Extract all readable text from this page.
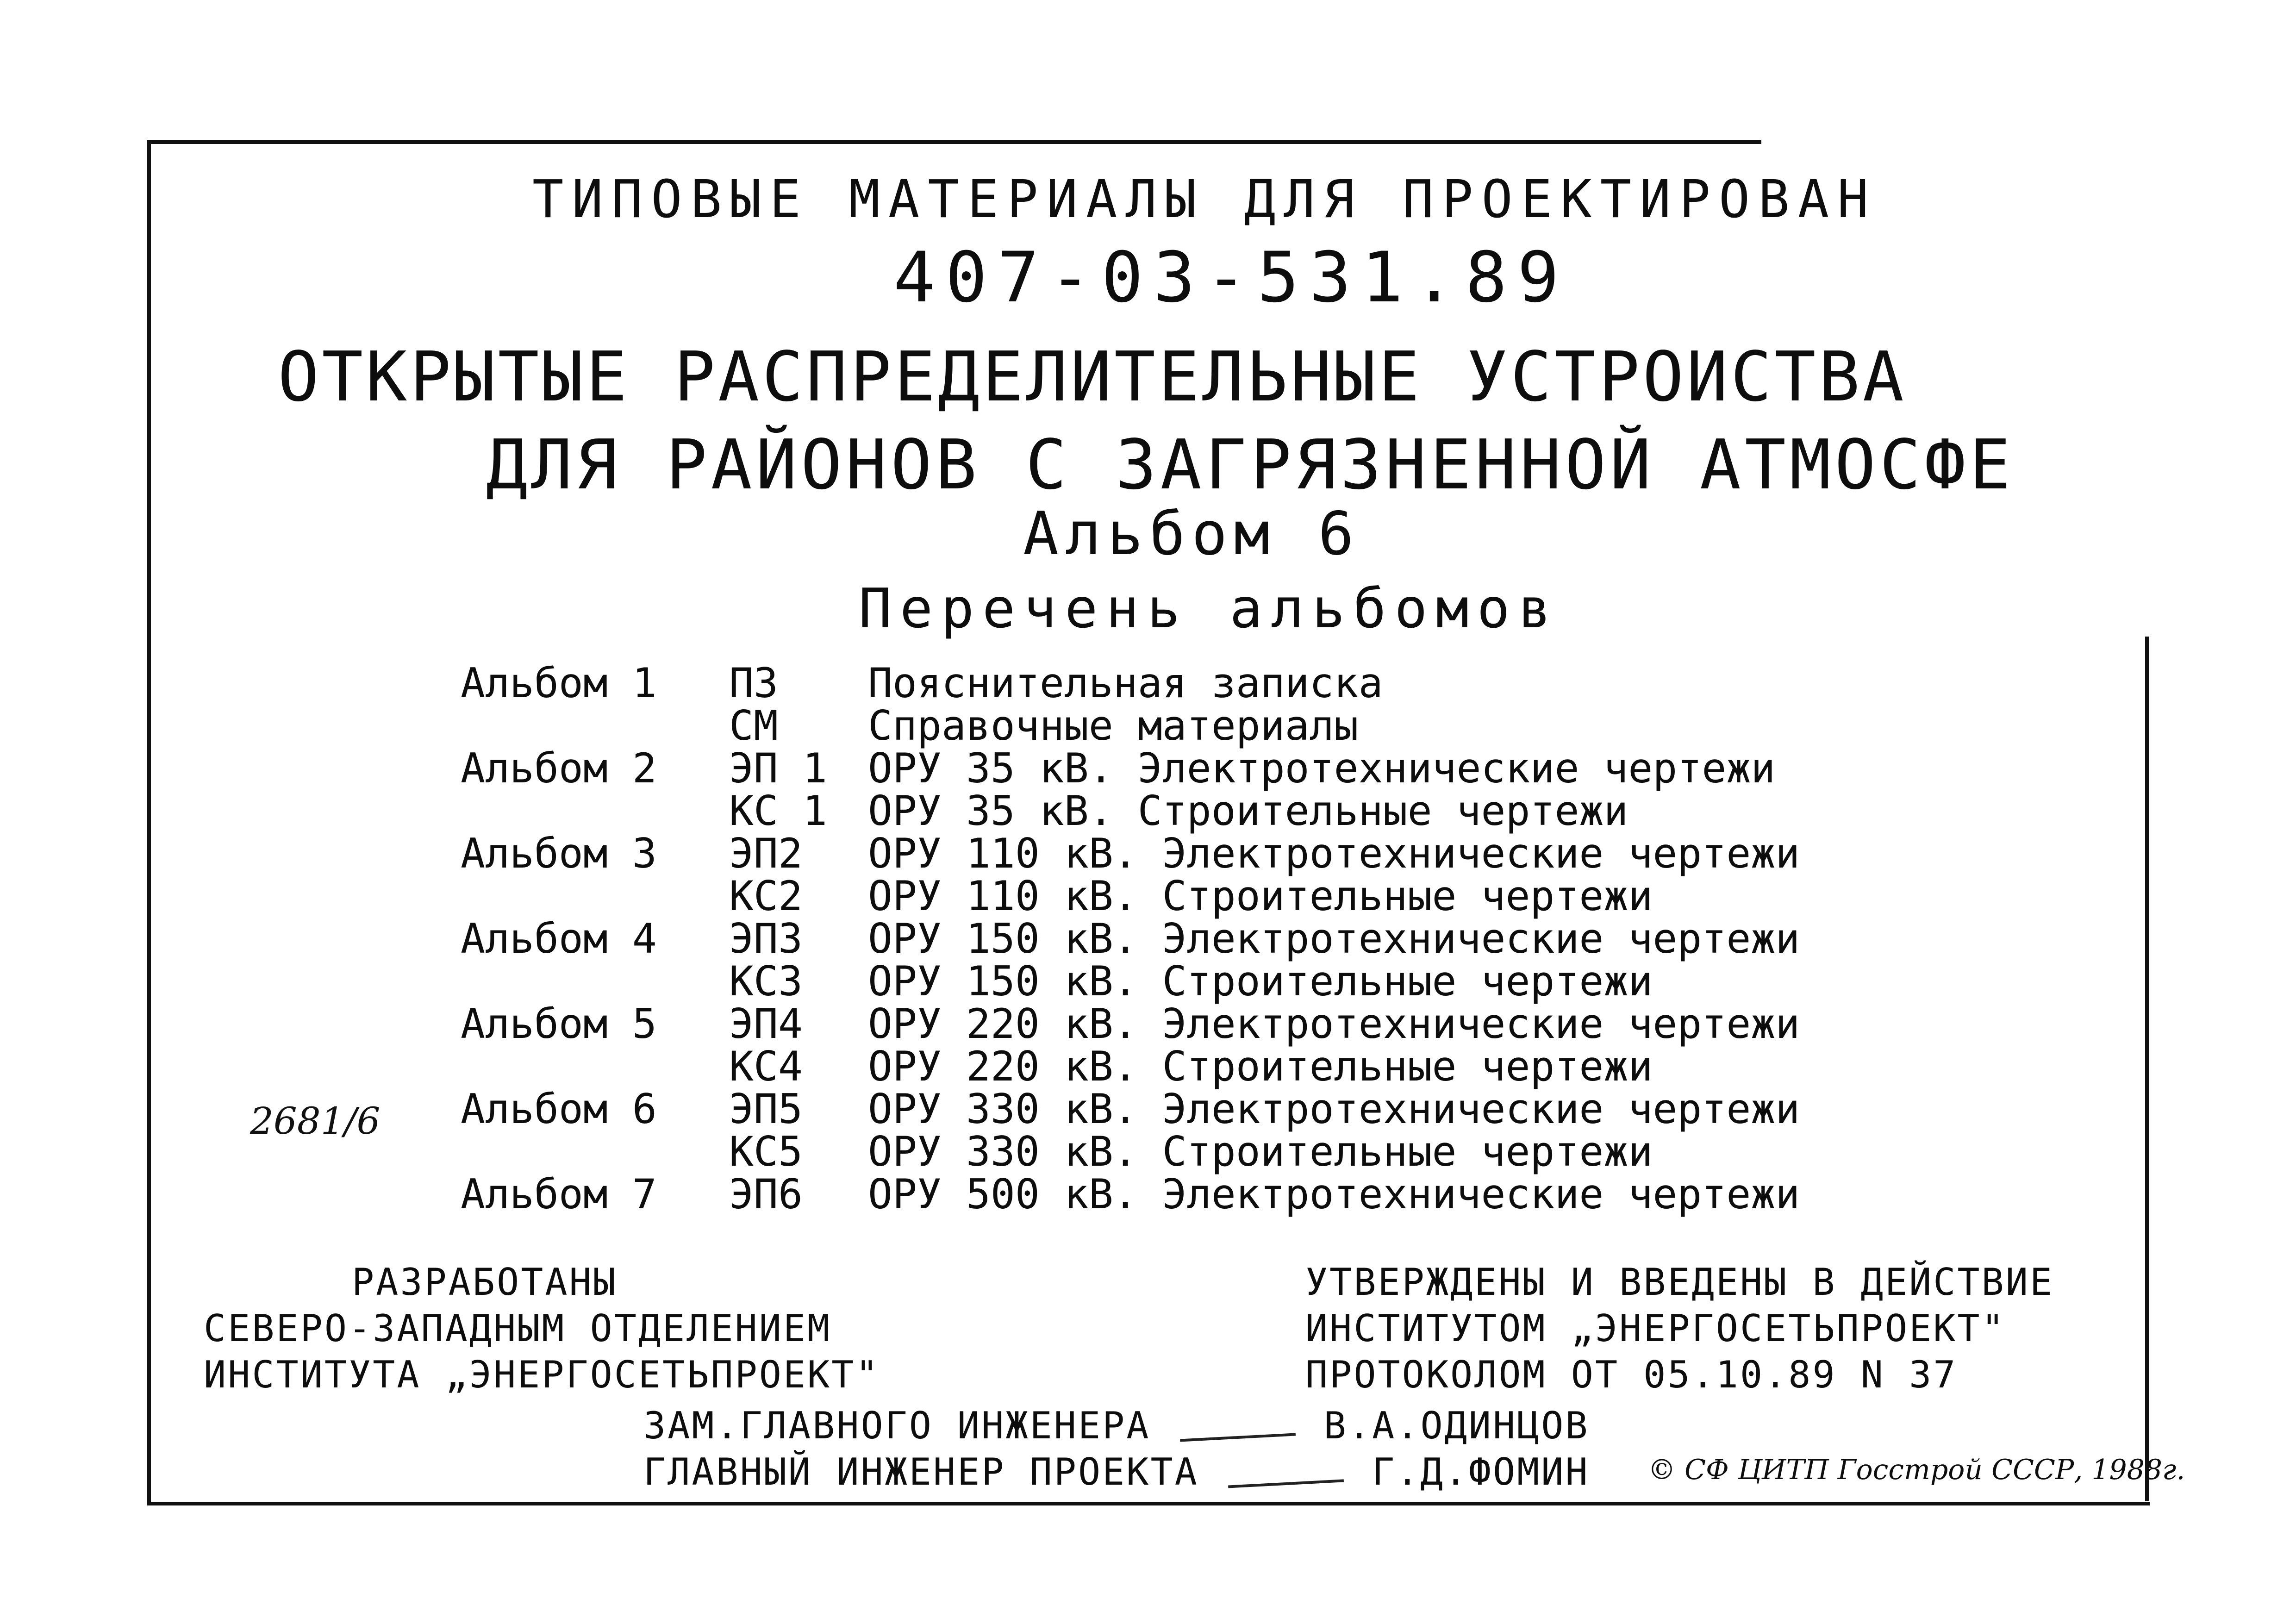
ТИПОВЫЕ МАТЕРИАЛЫ ДЛЯ ПРОЕКТИРОВАН
407-03-531.89
ОТКРЫТЫЕ РАСПРЕДЕЛИТЕЛЬНЫЕ УСТРОИСТВА
ДЛЯ РАЙОНОВ С ЗАГРЯЗНЕННОЙ АТМОСФЕ
Альбом 6
Перечень альбомов
Альбом 1	ПЗ	Пояснительная записка
	СМ	Справочные материалы
Альбом 2	ЭП 1	ОРУ 35 кВ. Электротехнические чертежи
	КС 1	ОРУ 35 кВ. Строительные чертежи
Альбом 3	ЭП2	ОРУ 110 кВ. Электротехнические чертежи
	КС2	ОРУ 110 кВ. Строительные чертежи
Альбом 4	ЭП3	ОРУ 150 кВ. Электротехнические чертежи
	КС3	ОРУ 150 кВ. Строительные чертежи
Альбом 5	ЭП4	ОРУ 220 кВ. Электротехнические чертежи
	КС4	ОРУ 220 кВ. Строительные чертежи
Альбом 6	ЭП5	ОРУ 330 кВ. Электротехнические чертежи
	КС5	ОРУ 330 кВ. Строительные чертежи
Альбом 7	ЭП6	ОРУ 500 кВ. Электротехнические чертежи
2681/6
РАЗРАБОТАНЫ
СЕВЕРО-ЗАПАДНЫМ ОТДЕЛЕНИЕМ
ИНСТИТУТА „ЭНЕРГОСЕТЬПРОЕКТ"
УТВЕРЖДЕНЫ И ВВЕДЕНЫ В ДЕЙСТВИЕ
ИНСТИТУТОМ „ЭНЕРГОСЕТЬПРОЕКТ"
ПРОТОКОЛОМ ОТ 05.10.89 N 37
ЗАМ.ГЛАВНОГО ИНЖЕНЕРА	В.А.ОДИНЦОВ
ГЛАВНЫЙ ИНЖЕНЕР ПРОЕКТА	Г.Д.ФОМИН © СФ ЦИТП Госстрой СССР, 1988г.
